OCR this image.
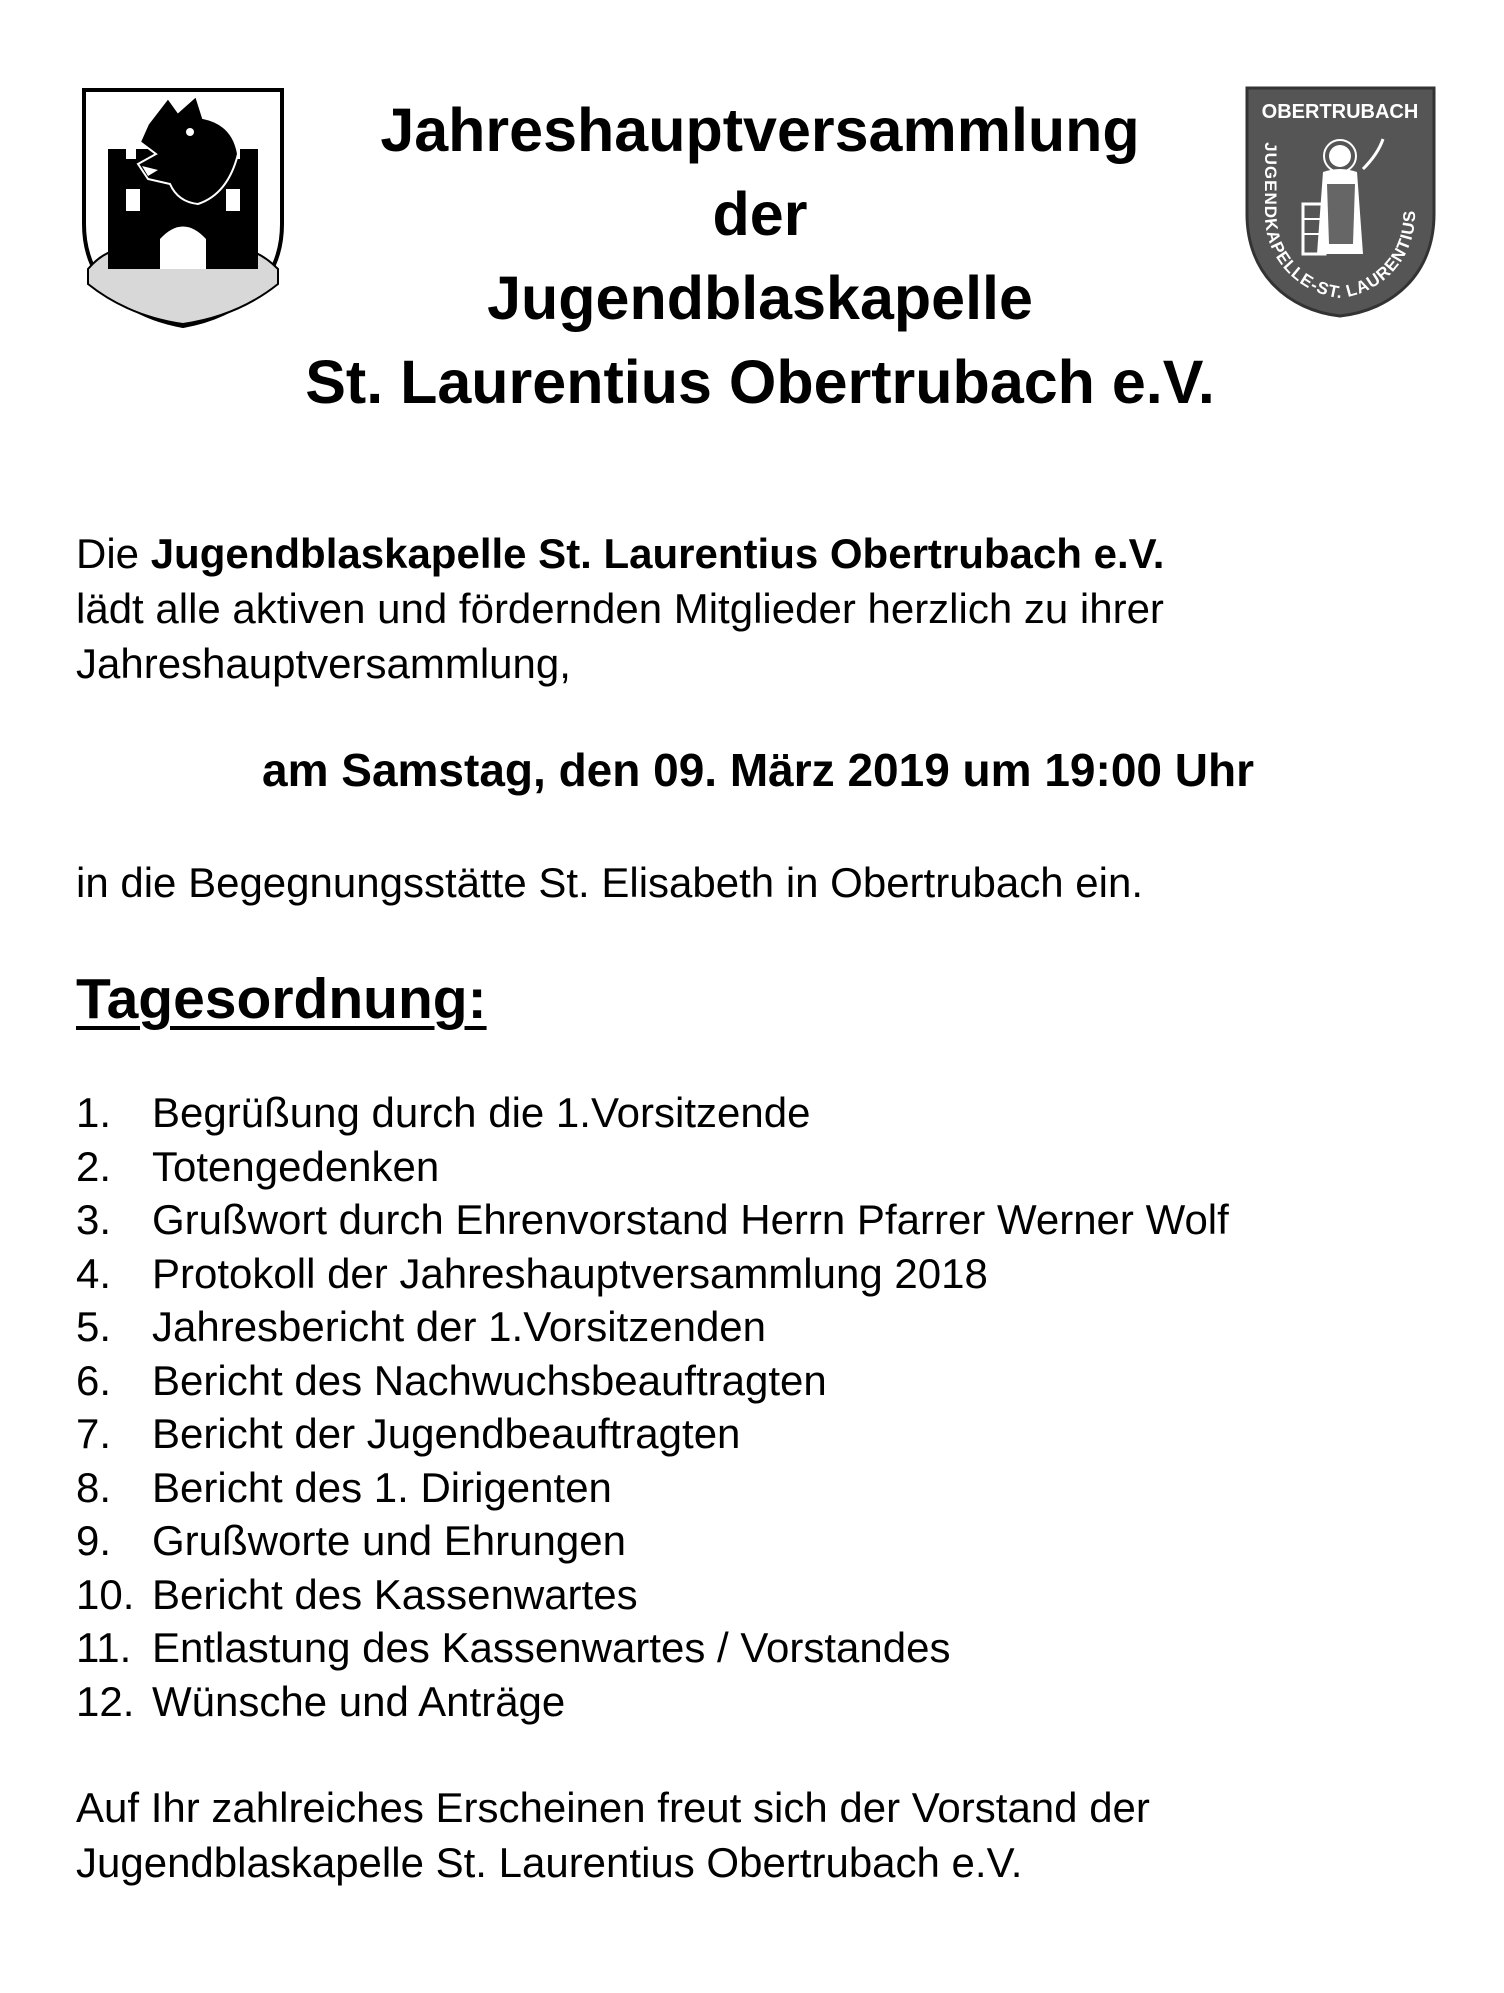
OBERTRUBACH
JUGENDKAPELLE-ST. LAURENTIUS
Jahreshauptversammlung
der
Jugendblaskapelle
St. Laurentius Obertrubach e.V.

Die Jugendblaskapelle St. Laurentius Obertrubach e.V.
lädt alle aktiven und fördernden Mitglieder herzlich zu ihrer
Jahreshauptversammlung,

am Samstag, den 09. März 2019 um 19:00 Uhr

in die Begegnungsstätte St. Elisabeth in Obertrubach ein.

Tagesordnung:
1. Begrüßung durch die 1.Vorsitzende
2. Totengedenken
3. Grußwort durch Ehrenvorstand Herrn Pfarrer Werner Wolf
4. Protokoll der Jahreshauptversammlung 2018
5. Jahresbericht der 1.Vorsitzenden
6. Bericht des Nachwuchsbeauftragten
7. Bericht der Jugendbeauftragten
8. Bericht des 1. Dirigenten
9. Grußworte und Ehrungen
10. Bericht des Kassenwartes
11. Entlastung des Kassenwartes / Vorstandes
12. Wünsche und Anträge

Auf Ihr zahlreiches Erscheinen freut sich der Vorstand der
Jugendblaskapelle St. Laurentius Obertrubach e.V.
